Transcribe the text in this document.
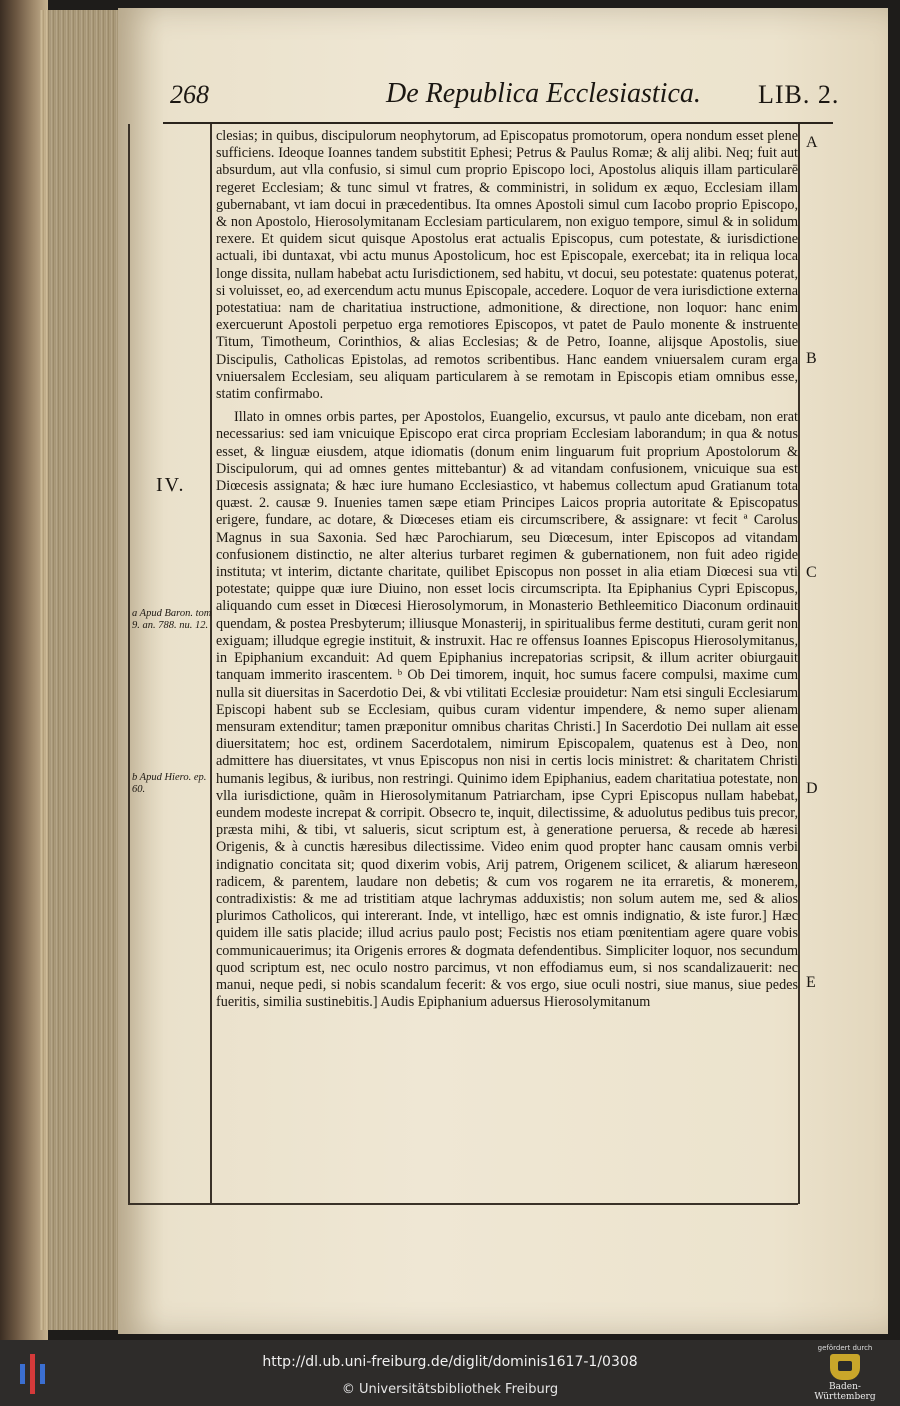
268	De Republica Ecclesiastica. LIB. 2.
IV.
a Apud Baron. tom 9. an. 788. nu. 12.
b Apud Hiero. ep. 60.
A
B
C
D
E

clesias; in quibus, discipulorum neophytorum, ad Episcopatus promotorum, opera nondum esset plene sufficiens. Ideoque Ioannes tandem substitit Ephesi; Petrus & Paulus Romæ; & alij alibi. Neq; fuit aut absurdum, aut vlla confusio, si simul cum proprio Episcopo loci, Apostolus aliquis illam particularē regeret Ecclesiam; & tunc simul vt fratres, & comministri, in solidum ex æquo, Ecclesiam illam gubernabant, vt iam docui in præcedentibus. Ita omnes Apostoli simul cum Iacobo proprio Episcopo, & non Apostolo, Hierosolymitanam Ecclesiam particularem, non exiguo tempore, simul & in solidum rexere. Et quidem sicut quisque Apostolus erat actualis Episcopus, cum potestate, & iurisdictione actuali, ibi duntaxat, vbi actu munus Apostolicum, hoc est Episcopale, exercebat; ita in reliqua loca longe dissita, nullam habebat actu Iurisdictionem, sed habitu, vt docui, seu potestate: quatenus poterat, si voluisset, eo, ad exercendum actu munus Episcopale, accedere. Loquor de vera iurisdictione externa potestatiua: nam de charitatiua instructione, admonitione, & directione, non loquor: hanc enim exercuerunt Apostoli perpetuo erga remotiores Episcopos, vt patet de Paulo monente & instruente Titum, Timotheum, Corinthios, & alias Ecclesias; & de Petro, Ioanne, alijsque Apostolis, siue Discipulis, Catholicas Epistolas, ad remotos scribentibus. Hanc eandem vniuersalem curam erga vniuersalem Ecclesiam, seu aliquam particularem à se remotam in Episcopis etiam omnibus esse, statim confirmabo.

Illato in omnes orbis partes, per Apostolos, Euangelio, excursus, vt paulo ante dicebam, non erat necessarius: sed iam vnicuique Episcopo erat circa propriam Ecclesiam laborandum; in qua & notus esset, & linguæ eiusdem, atque idiomatis (donum enim linguarum fuit proprium Apostolorum & Discipulorum, qui ad omnes gentes mittebantur) & ad vitandam confusionem, vnicuique sua est Diœcesis assignata; & hæc iure humano Ecclesiastico, vt habemus collectum apud Gratianum tota quæst. 2. causæ 9. Inuenies tamen sæpe etiam Principes Laicos propria autoritate & Episcopatus erigere, fundare, ac dotare, & Diœceses etiam eis circumscribere, & assignare: vt fecit ª Carolus Magnus in sua Saxonia. Sed hæc Parochiarum, seu Diœcesum, inter Episcopos ad vitandam confusionem distinctio, ne alter alterius turbaret regimen & gubernationem, non fuit adeo rigide instituta; vt interim, dictante charitate, quilibet Episcopus non posset in alia etiam Diœcesi sua vti potestate; quippe quæ iure Diuino, non esset locis circumscripta. Ita Epiphanius Cypri Episcopus, aliquando cum esset in Diœcesi Hierosolymorum, in Monasterio Bethleemitico Diaconum ordinauit quendam, & postea Presbyterum; illiusque Monasterij, in spiritualibus ferme destituti, curam gerit non exiguam; illudque egregie instituit, & instruxit. Hac re offensus Ioannes Episcopus Hierosolymitanus, in Epiphanium excanduit: Ad quem Epiphanius increpatorias scripsit, & illum acriter obiurgauit tanquam immerito irascentem. ᵇ Ob Dei timorem, inquit, hoc sumus facere compulsi, maxime cum nulla sit diuersitas in Sacerdotio Dei, & vbi vtilitati Ecclesiæ prouidetur: Nam etsi singuli Ecclesiarum Episcopi habent sub se Ecclesiam, quibus curam videntur impendere, & nemo super alienam mensuram extenditur; tamen præponitur omnibus charitas Christi.] In Sacerdotio Dei nullam ait esse diuersitatem; hoc est, ordinem Sacerdotalem, nimirum Episcopalem, quatenus est à Deo, non admittere has diuersitates, vt vnus Episcopus non nisi in certis locis ministret: & charitatem Christi humanis legibus, & iuribus, non restringi. Quinimo idem Epiphanius, eadem charitatiua potestate, non vlla iurisdictione, quãm in Hierosolymitanum Patriarcham, ipse Cypri Episcopus nullam habebat, eundem modeste increpat & corripit. Obsecro te, inquit, dilectissime, & aduolutus pedibus tuis precor, præsta mihi, & tibi, vt salueris, sicut scriptum est, à generatione peruersa, & recede ab hæresi Origenis, & à cunctis hæresibus dilectissime. Video enim quod propter hanc causam omnis verbi indignatio concitata sit; quod dixerim vobis, Arij patrem, Origenem scilicet, & aliarum hæreseon radicem, & parentem, laudare non debetis; & cum vos rogarem ne ita erraretis, & monerem, contradixistis: & me ad tristitiam atque lachrymas adduxistis; non solum autem me, sed & alios plurimos Catholicos, qui intererant. Inde, vt intelligo, hæc est omnis indignatio, & iste furor.] Hæc quidem ille satis placide; illud acrius paulo post; Fecistis nos etiam pœnitentiam agere quare vobis communicauerimus; ita Origenis errores & dogmata defendentibus. Simpliciter loquor, nos secundum quod scriptum est, nec oculo nostro parcimus, vt non effodiamus eum, si nos scandalizauerit: nec manui, neque pedi, si nobis scandalum fecerit: & vos ergo, siue oculi nostri, siue manus, siue pedes fueritis, similia sustinebitis.] Audis Epiphanium aduersus Hierosolymitanum

http://dl.ub.uni-freiburg.de/diglit/dominis1617-1/0308
© Universitätsbibliothek Freiburg
gefördert durch
Baden-Württemberg
